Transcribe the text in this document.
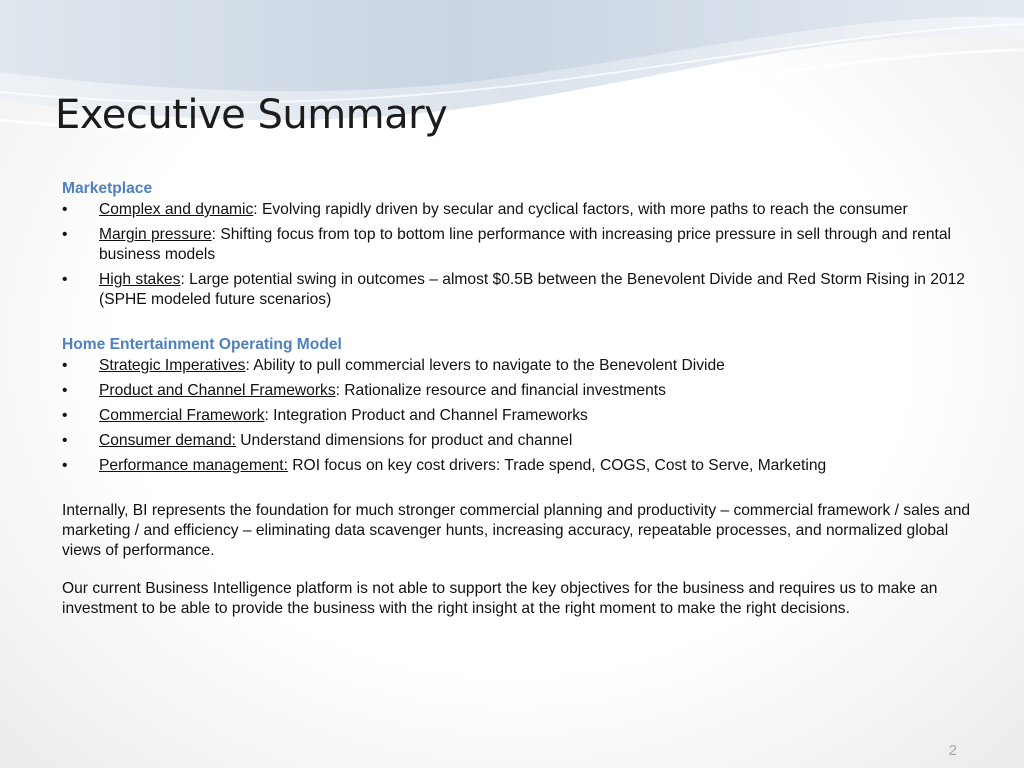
Executive Summary
Marketplace
• Complex and dynamic: Evolving rapidly driven by secular and cyclical factors, with more paths to reach the consumer
• Margin pressure: Shifting focus from top to bottom line performance with increasing price pressure in sell through and rental business models
• High stakes: Large potential swing in outcomes – almost $0.5B between the Benevolent Divide and Red Storm Rising in 2012 (SPHE modeled future scenarios)
Home Entertainment Operating Model
• Strategic Imperatives: Ability to pull commercial levers to navigate to the Benevolent Divide
• Product and Channel Frameworks: Rationalize resource and financial investments
• Commercial Framework: Integration Product and Channel Frameworks
• Consumer demand: Understand dimensions for product and channel
• Performance management: ROI focus on key cost drivers: Trade spend, COGS, Cost to Serve, Marketing

Internally, BI represents the foundation for much stronger commercial planning and productivity – commercial framework / sales and marketing / and efficiency – eliminating data scavenger hunts, increasing accuracy, repeatable processes, and normalized global views of performance.

Our current Business Intelligence platform is not able to support the key objectives for the business and requires us to make an investment to be able to provide the business with the right insight at the right moment to make the right decisions.

2
